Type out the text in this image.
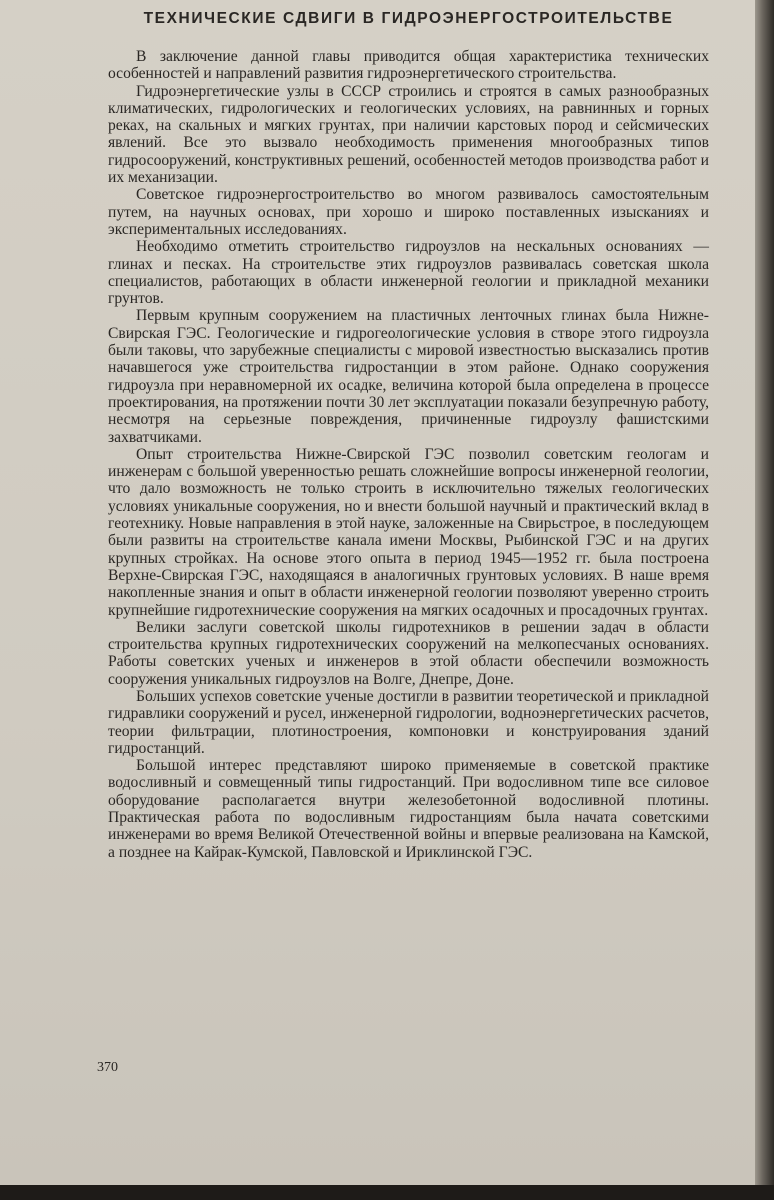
ТЕХНИЧЕСКИЕ СДВИГИ В ГИДРОЭНЕРГОСТРОИТЕЛЬСТВЕ

В заключение данной главы приводится общая характеристика технических особенностей и направлений развития гидроэнергетического строительства.

Гидроэнергетические узлы в СССР строились и строятся в самых разнообразных климатических, гидрологических и геологических условиях, на равнинных и горных реках, на скальных и мягких грунтах, при наличии карстовых пород и сейсмических явлений. Все это вызвало необходимость применения многообразных типов гидросооружений, конструктивных решений, особенностей методов производства работ и их механизации.

Советское гидроэнергостроительство во многом развивалось самостоятельным путем, на научных основах, при хорошо и широко поставленных изысканиях и экспериментальных исследованиях.

Необходимо отметить строительство гидроузлов на нескальных основаниях — глинах и песках. На строительстве этих гидроузлов развивалась советская школа специалистов, работающих в области инженерной геологии и прикладной механики грунтов.

Первым крупным сооружением на пластичных ленточных глинах была Нижне-Свирская ГЭС. Геологические и гидрогеологические условия в створе этого гидроузла были таковы, что зарубежные специалисты с мировой известностью высказались против начавшегося уже строительства гидростанции в этом районе. Однако сооружения гидроузла при неравномерной их осадке, величина которой была определена в процессе проектирования, на протяжении почти 30 лет эксплуатации показали безупречную работу, несмотря на серьезные повреждения, причиненные гидроузлу фашистскими захватчиками.

Опыт строительства Нижне-Свирской ГЭС позволил советским геологам и инженерам с большой уверенностью решать сложнейшие вопросы инженерной геологии, что дало возможность не только строить в исключительно тяжелых геологических условиях уникальные сооружения, но и внести большой научный и практический вклад в геотехнику. Новые направления в этой науке, заложенные на Свирьстрое, в последующем были развиты на строительстве канала имени Москвы, Рыбинской ГЭС и на других крупных стройках. На основе этого опыта в период 1945—1952 гг. была построена Верхне-Свирская ГЭС, находящаяся в аналогичных грунтовых условиях. В наше время накопленные знания и опыт в области инженерной геологии позволяют уверенно строить крупнейшие гидротехнические сооружения на мягких осадочных и просадочных грунтах.

Велики заслуги советской школы гидротехников в решении задач в области строительства крупных гидротехнических сооружений на мелкопесчаных основаниях. Работы советских ученых и инженеров в этой области обеспечили возможность сооружения уникальных гидроузлов на Волге, Днепре, Доне.

Больших успехов советские ученые достигли в развитии теоретической и прикладной гидравлики сооружений и русел, инженерной гидрологии, водноэнергетических расчетов, теории фильтрации, плотиностроения, компоновки и конструирования зданий гидростанций.

Большой интерес представляют широко применяемые в советской практике водосливный и совмещенный типы гидростанций. При водосливном типе все силовое оборудование располагается внутри железобетонной водосливной плотины. Практическая работа по водосливным гидростанциям была начата советскими инженерами во время Великой Отечественной войны и впервые реализована на Камской, а позднее на Кайрак-Кумской, Павловской и Ириклинской ГЭС.

370
